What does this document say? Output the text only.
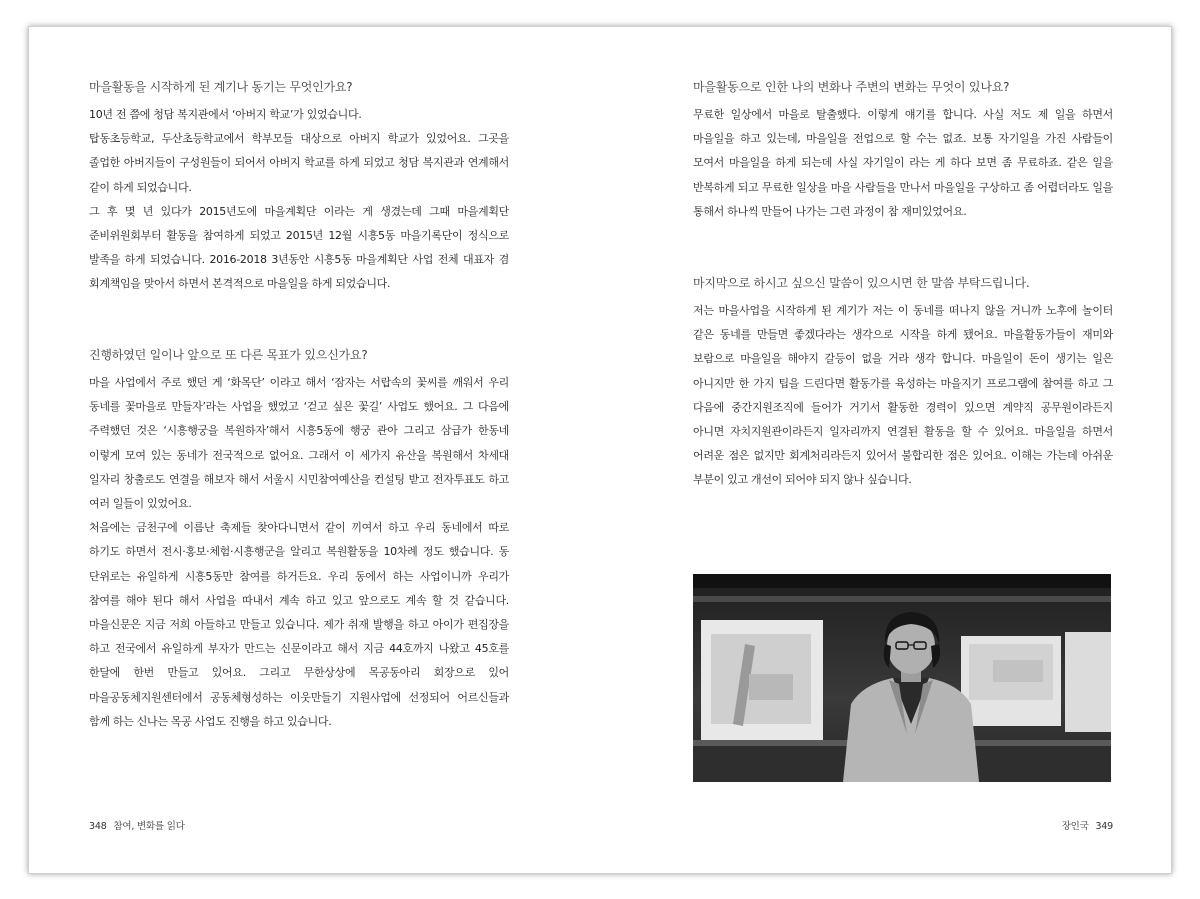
마을활동을 시작하게 된 계기나 동기는 무엇인가요?

10년 전 쯤에 청담 복지관에서 ‘아버지 학교’가 있었습니다.

탑동초등학교, 두산초등학교에서 학부모들 대상으로 아버지 학교가 있었어요. 그곳을 졸업한 아버지들이 구성원들이 되어서 아버지 학교를 하게 되었고 청담 복지관과 연계해서 같이 하게 되었습니다.

그 후 몇 년 있다가 2015년도에 마을계획단 이라는 게 생겼는데 그때 마을계획단 준비위원회부터 활동을 참여하게 되었고 2015년 12월 시흥5동 마을기록단이 정식으로 발족을 하게 되었습니다. 2016-2018 3년동안 시흥5동 마을계획단 사업 전체 대표자 겸 회계책임을 맞아서 하면서 본격적으로 마을일을 하게 되었습니다.

진행하였던 일이나 앞으로 또 다른 목표가 있으신가요?

마을 사업에서 주로 했던 게 ‘화목단’ 이라고 해서 ‘잠자는 서랍속의 꽃씨를 깨워서 우리 동네를 꽃마을로 만들자’라는 사업을 했었고 ‘걷고 싶은 꽃길’ 사업도 했어요. 그 다음에 주력했던 것은 ‘시흥행궁을 복원하자’해서 시흥5동에 행궁 관아 그리고 삼급가 한동네 이렇게 모여 있는 동네가 전국적으로 없어요. 그래서 이 세가지 유산을 복원해서 차세대 일자리 창출로도 연결을 해보자 해서 서울시 시민참여예산을 컨설팅 받고 전자투표도 하고 여러 일들이 있었어요.

처음에는 금천구에 이름난 축제들 찾아다니면서 같이 끼여서 하고 우리 동네에서 따로 하기도 하면서 전시·홍보·체험·시흥행군을 알리고 복원활동을 10차례 정도 했습니다. 동 단위로는 유일하게 시흥5동만 참여를 하거든요. 우리 동에서 하는 사업이니까 우리가 참여를 해야 된다 해서 사업을 따내서 계속 하고 있고 앞으로도 계속 할 것 같습니다. 마을신문은 지금 저희 아들하고 만들고 있습니다. 제가 취재 발행을 하고 아이가 편집장을 하고 전국에서 유일하게 부자가 만드는 신문이라고 해서 지금 44호까지 나왔고 45호를 한달에 한번 만들고 있어요. 그리고 무한상상에 목공동아리 회장으로 있어 마을공동체지원센터에서 공동체형성하는 이웃만들기 지원사업에 선정되어 어르신들과 함께 하는 신나는 목공 사업도 진행을 하고 있습니다.

348 참여, 변화를 읽다
마을활동으로 인한 나의 변화나 주변의 변화는 무엇이 있나요?

무료한 일상에서 마을로 탈출했다. 이렇게 얘기를 합니다. 사실 저도 제 일을 하면서 마을일을 하고 있는데, 마을일을 전업으로 할 수는 없죠. 보통 자기일을 가진 사람들이 모여서 마을일을 하게 되는데 사실 자기일이 라는 게 하다 보면 좀 무료하죠. 같은 일을 반복하게 되고 무료한 일상을 마을 사람들을 만나서 마을일을 구상하고 좀 어렵더라도 일을 통해서 하나씩 만들어 나가는 그런 과정이 참 재미있었어요.

마지막으로 하시고 싶으신 말씀이 있으시면 한 말씀 부탁드립니다.

저는 마을사업을 시작하게 된 계기가 저는 이 동네를 떠나지 않을 거니까 노후에 놀이터 같은 동네를 만들면 좋겠다라는 생각으로 시작을 하게 됐어요. 마을활동가들이 재미와 보람으로 마을일을 해야지 갈등이 없을 거라 생각 합니다. 마을일이 돈이 생기는 일은 아니지만 한 가지 팁을 드린다면 활동가를 육성하는 마을지기 프로그램에 참여를 하고 그 다음에 중간지원조직에 들어가 거기서 활동한 경력이 있으면 계약직 공무원이라든지 아니면 자치지원관이라든지 일자리까지 연결된 활동을 할 수 있어요. 마을일을 하면서 어려운 점은 없지만 회계처리라든지 있어서 불합리한 점은 있어요. 이해는 가는데 아쉬운 부분이 있고 개선이 되어야 되지 않나 싶습니다.

장인국 349
